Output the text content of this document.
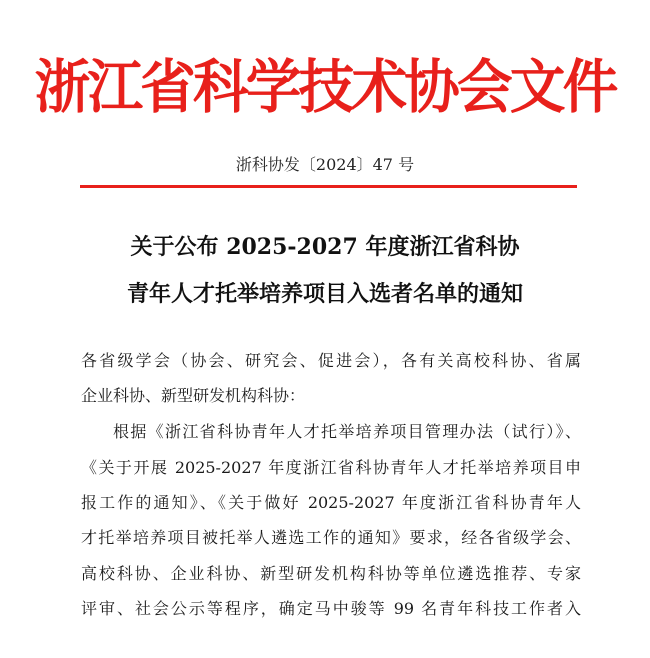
浙江省科学技术协会文件
浙科协发〔2024〕47 号
关于公布 2025-2027 年度浙江省科协
青年人才托举培养项目入选者名单的通知
各省级学会（协会、研究会、促进会），各有关高校科协、省属
企业科协、新型研发机构科协：
根据《浙江省科协青年人才托举培养项目管理办法（试行）》、
《关于开展 2025-2027 年度浙江省科协青年人才托举培养项目申
报工作的通知》、《关于做好 2025-2027 年度浙江省科协青年人
才托举培养项目被托举人遴选工作的通知》要求，经各省级学会、
高校科协、企业科协、新型研发机构科协等单位遴选推荐、专家
评审、社会公示等程序，确定马中骏等 99 名青年科技工作者入
